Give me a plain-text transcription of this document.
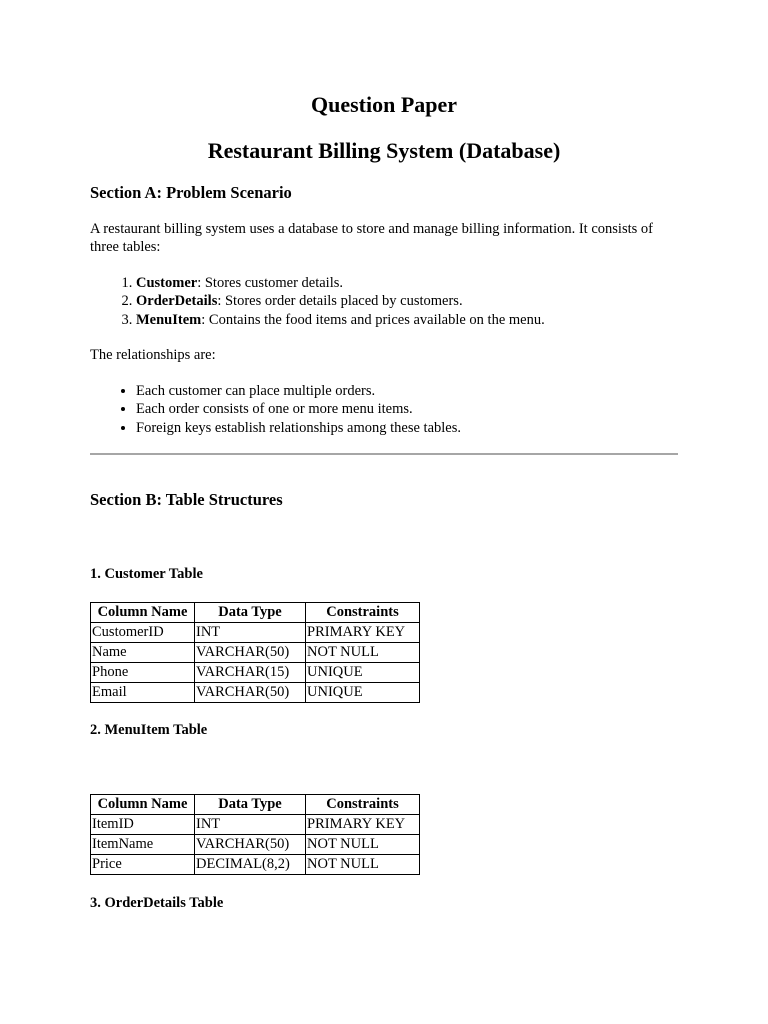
Question Paper
Restaurant Billing System (Database)
Section A: Problem Scenario
A restaurant billing system uses a database to store and manage billing information. It consists of three tables:
1. Customer: Stores customer details.
2. OrderDetails: Stores order details placed by customers.
3. MenuItem: Contains the food items and prices available on the menu.
The relationships are:
• Each customer can place multiple orders.
• Each order consists of one or more menu items.
• Foreign keys establish relationships among these tables.
Section B: Table Structures
1. Customer Table
Column Name	Data Type	Constraints
CustomerID	INT	PRIMARY KEY
Name	VARCHAR(50)	NOT NULL
Phone	VARCHAR(15)	UNIQUE
Email	VARCHAR(50)	UNIQUE
2. MenuItem Table
Column Name	Data Type	Constraints
ItemID	INT	PRIMARY KEY
ItemName	VARCHAR(50)	NOT NULL
Price	DECIMAL(8,2)	NOT NULL
3. OrderDetails Table
